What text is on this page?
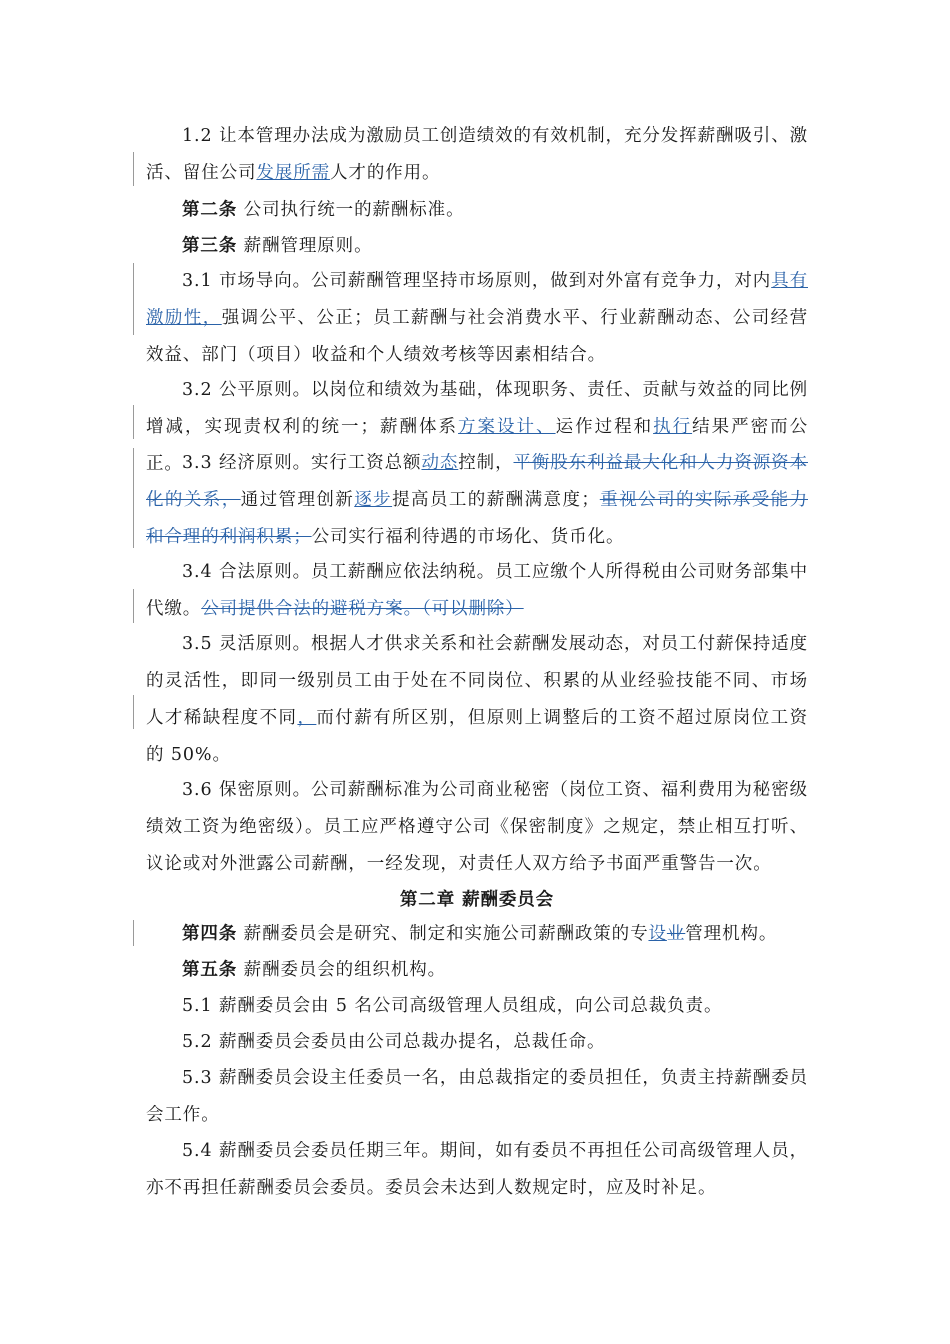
1.2 让本管理办法成为激励员工创造绩效的有效机制，充分发挥薪酬吸引、激活、留住公司发展所需人才的作用。

第二条 公司执行统一的薪酬标准。

第三条 薪酬管理原则。

3.1 市场导向。公司薪酬管理坚持市场原则，做到对外富有竞争力，对内具有激励性，强调公平、公正；员工薪酬与社会消费水平、行业薪酬动态、公司经营效益、部门（项目）收益和个人绩效考核等因素相结合。

3.2 公平原则。以岗位和绩效为基础，体现职务、责任、贡献与效益的同比例增减，实现责权利的统一；薪酬体系方案设计、运作过程和执行结果严密而公正。 3.3 经济原则。实行工资总额动态控制，平衡股东利益最大化和人力资源资本化的关系，通过管理创新逐步提高员工的薪酬满意度；重视公司的实际承受能力和合理的利润积累；公司实行福利待遇的市场化、货币化。

3.4 合法原则。员工薪酬应依法纳税。员工应缴个人所得税由公司财务部集中代缴。公司提供合法的避税方案。（可以删除）

3.5 灵活原则。根据人才供求关系和社会薪酬发展动态，对员工付薪保持适度的灵活性，即同一级别员工由于处在不同岗位、积累的从业经验技能不同、市场人才稀缺程度不同，而付薪有所区别，但原则上调整后的工资不超过原岗位工资的 50%。

3.6 保密原则。公司薪酬标准为公司商业秘密（岗位工资、福利费用为秘密级绩效工资为绝密级）。员工应严格遵守公司《保密制度》之规定，禁止相互打听、议论或对外泄露公司薪酬，一经发现，对责任人双方给予书面严重警告一次。

第二章 薪酬委员会

第四条 薪酬委员会是研究、制定和实施公司薪酬政策的专设业管理机构。

第五条 薪酬委员会的组织机构。

5.1 薪酬委员会由 5 名公司高级管理人员组成，向公司总裁负责。

5.2 薪酬委员会委员由公司总裁办提名，总裁任命。

5.3 薪酬委员会设主任委员一名，由总裁指定的委员担任，负责主持薪酬委员会工作。

5.4 薪酬委员会委员任期三年。期间，如有委员不再担任公司高级管理人员，亦不再担任薪酬委员会委员。委员会未达到人数规定时，应及时补足。
